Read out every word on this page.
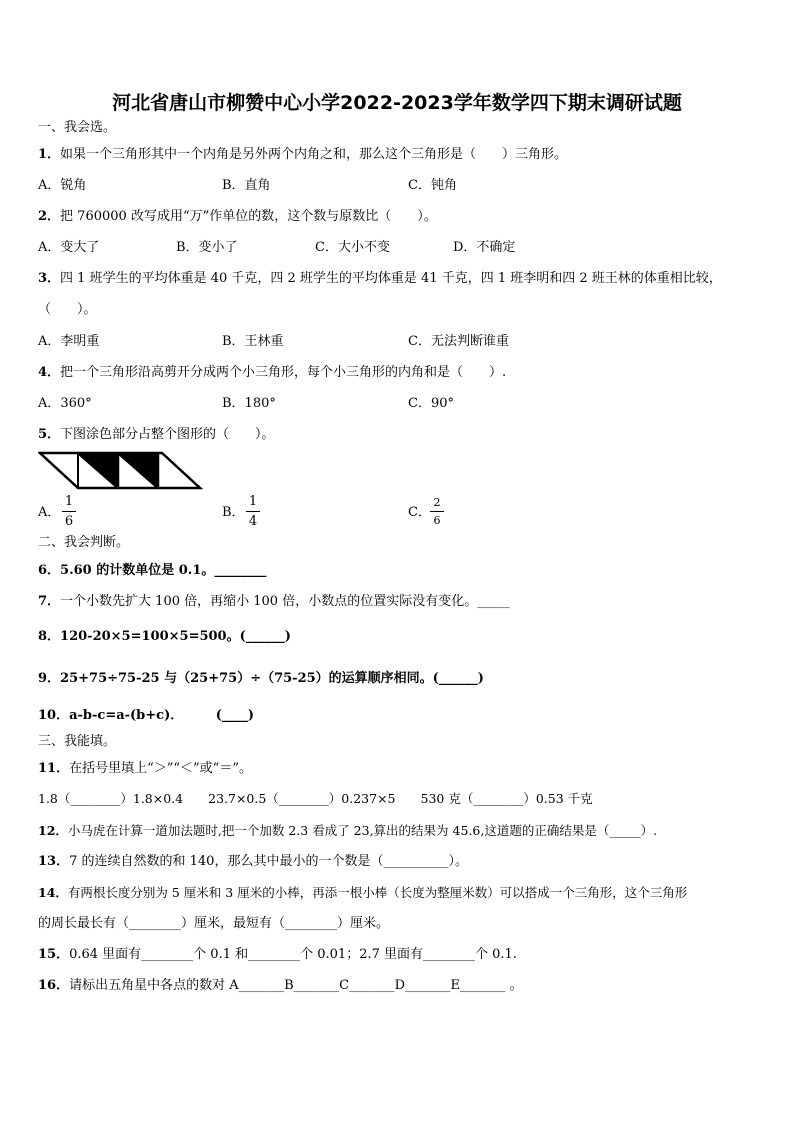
河北省唐山市柳赞中心小学2022-2023学年数学四下期末调研试题
一、我会选。
1．如果一个三角形其中一个内角是另外两个内角之和，那么这个三角形是（　　）三角形。
A．锐角	B．直角	C．钝角
2．把 760000 改写成用“万”作单位的数，这个数与原数比（　　）。
A．变大了	B．变小了	C．大小不变	D．不确定
3．四 1 班学生的平均体重是 40 千克，四 2 班学生的平均体重是 41 千克，四 1 班李明和四 2 班王林的体重相比较，
（　　）。
A．李明重	B．王林重	C．无法判断谁重
4．把一个三角形沿高剪开分成两个小三角形，每个小三角形的内角和是（　　）.
A．360°	B．180°	C．90°
5．下图涂色部分占整个图形的（　　）。
A．
1
6
B．
1
4
C．
2
6
二、我会判断。
6．5.60 的计数单位是 0.1。________
7．一个小数先扩大 100 倍，再缩小 100 倍，小数点的位置实际没有变化。_____
8．120-20×5=100×5=500。(______)
9．25+75÷75-25 与（25+75）÷（75-25）的运算顺序相同。(______)
10．a-b-c=a-(b+c)．　　　(____)
三、我能填。
11．在括号里填上“＞”“＜”或“＝”。
1.8（________）1.8×0.4　　23.7×0.5（________）0.237×5　　530 克（________）0.53 千克
12．小马虎在计算一道加法题时,把一个加数 2.3 看成了 23,算出的结果为 45.6,这道题的正确结果是（_____）.
13．7 的连续自然数的和 140，那么其中最小的一个数是（__________）。
14．有两根长度分别为 5 厘米和 3 厘米的小棒，再添一根小棒（长度为整厘米数）可以搭成一个三角形，这个三角形
的周长最长有（________）厘米，最短有（________）厘米。
15．0.64 里面有________个 0.1 和________个 0.01；2.7 里面有________个 0.1.
16．请标出五角星中各点的数对 A_______B_______C_______D_______E_______ 。
